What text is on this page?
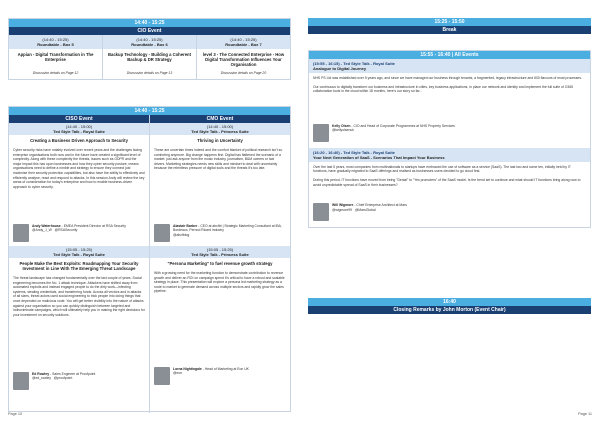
14:40 - 15:25
CIO Event
(14:40 - 15:25)
Roundtable - Box 5
Appian - Digital Transformation in The Enterprise
Discussion details on Page 12
(14:40 - 15:25)
Roundtable - Box 6
Backup Technology - Building a Coherent Backup & DR Strategy
Discussion details on Page 13
(14:40 - 15:25)
Roundtable - Box 7
level 3 - The Connected Enterprise - How Digital Transformation Influences Your Organisation
Discussion details on Page 20
14:40 - 15:25
CISO Event
(14:40 - 15:00)
Ted Style Talk - Royal Suite
Creating a Business Driven Approach to Security
Cyber security risks have notably evolved over recent years and the challenges facing enterprise organisations both now and in the future have created a significant level of complexity. Along with these complexity the threats, issues such as GDPR and the major impact this has upon businesses and how they cyber security posture, means organisations need to define a nimble and strategy to ensure they connect just maximise their security protection capabilities, but also have the ability to effectively and efficiently analyse, react and respond to attacks. In this session Andy will review the key areas of consideration for today's enterprise and how to enable business-driven approach to cyber security.
Andy Waterhouse - EMEA President Director at RSA Security
@Andy_J_W @RSASecurity
(15:05 - 15:25)
Ted Style Talk - Royal Suite
People Make the Best Exploits: Roadmapping Your Security Investment in Line With The Emerging Threat Landscape
The threat landscape has changed fundamentally over the last couple of years. Social engineering becomes the No. 1 attack technique. Attackers have shifted away from automated exploits and instead engaged people to do the dirty work—infecting systems, stealing credentials, and transferring funds. Across all vectors and in attacks of all sizes, threat actors used social engineering to trick people into doing things that once depended on malicious code. You will get better visibility into the nature of attacks against your organisation so you can quickly distinguish between targeted and indiscriminate campaigns, which will ultimately help you in making the right decisions for your investment on security solutions.
Ed Rowley - Sales Engineer at Proofpoint
@ed_rowley @proofpoint
CMO Event
(14:40 - 15:00)
Ted Style Talk - Princess Suite
Thriving in Uncertainty
These are uncertain times indeed and the comfort blanket of political research isn't so comforting anymore. Big change happens first. Digital has flattened the scenario of a market: just ask anyone from the music industry, journalism, B&M owners or taxi drivers. Marketing strategies needs new skills and mindset to deal with uncertainty because the relentless pressure of digital tools and the threats it's too late.
Alastair Barber - CEO at abcfbt | Strategic Marketing Consultant at IBA, Bordeaux, Pernod Ricard industry
@abcfblog
(15:05 - 15:25)
Ted Style Talk - Princess Suite
"Persona Marketing" to fuel revenue growth strategy
With a growing need for the marketing function to demonstrate contribution to revenue growth and deliver an ROI on campaign spend it's critical to have a robust and scalable strategy in place. This presentation will explore a persona led marketing strategy as a route to market to generate demand across multiple sectors and rapidly grow the sales pipeline.
Lorna Nightingale - Head of Marketing at Eon UK
@eon
Page 10
15:25 - 15:50
Break
15:55 - 16:40 | All Events
(15:55 - 16:15) - Ted Style Talk - Royal Suite
Analogue to Digital Journey
NHS PS Ltd was established over 5 years ago, and since we have managed our business through tenants, a fragmented, legacy infrastructure and 600 flavours of most processes.
Our continuous to digitally transform our business and infrastructure in cities, key business applications, in place our network and identity and implement the full suite of O365 collaboration tools in the cloud within 18 months, here's our story so far...
Kelly Olsen - CIO and Head of Corporate Programmes at NHS Property Services
@kellyolsenuk
(16:20 - 16:40) - Ted Style Talk - Royal Suite
Your Next Generation of SaaS - Scenarios That Impact Your Business
Over the last 5 years, most companies from multinationals to startups have embraced the use of software as a service (SaaS). The last two and some ten, initially held by IT functions, have gradually migrated to SaaS offerings and realised as businesses users decided to go cloud first.
During this period, IT functions have moved from being "Denial" to "Yes promoters" of the SaaS model. Is the trend set to continue and what should IT functions bring along now to avoid unpredictable spread of SaaS in their businesses?
Will Wigmore - Chief Enterprise Architect at Mars
@wigmore99 @MarsGlobal
16:40
Closing Remarks by John Morton (Event Chair)
Page 11
